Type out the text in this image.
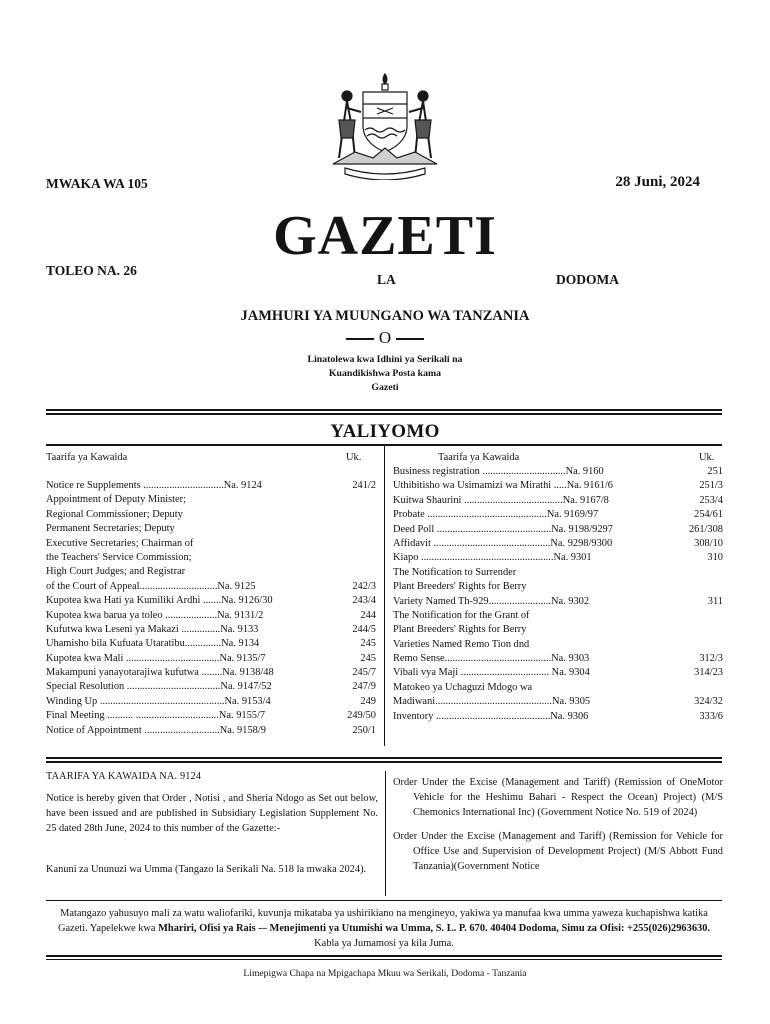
MWAKA WA 105	28 Juni, 2024
GAZETI
TOLEO NA. 26
LA	DODOMA
JAMHURI YA MUUNGANO WA TANZANIA
O
Linatolewa kwa Idhini ya Serikali na
Kuandikishwa Posta kama
Gazeti
YALIYOMO
Taarifa ya Kawaida	Uk.	Taarifa ya Kawaida	Uk.
Notice re Supplements ...............................Na. 9124	241/2
Appointment of Deputy Minister;
Regional Commissioner; Deputy
Permanent Secretaries; Deputy
Executive Secretaries; Chairman of
the Teachers' Service Commission;
High Court Judges; and Registrar
of the Court of Appeal..............................Na. 9125	242/3
Kupotea kwa Hati ya Kumiliki Ardhi .......Na. 9126/30	243/4
Kupotea kwa barua ya toleo ....................Na. 9131/2	244
Kufutwa kwa Leseni ya Makazi ...............Na. 9133	244/5
Uhamisho bila Kufuata Utaratibu..............Na. 9134	245
Kupotea kwa Mali ....................................Na. 9135/7	245
Makampuni yanayotarajiwa kufutwa ........Na. 9138/48	245/7
Special Resolution ....................................Na. 9147/52	247/9
Winding Up ................................................Na. 9153/4	249
Final Meeting .......... ................................Na. 9155/7	249/50
Notice of Appointment .............................Na. 9158/9	250/1
Business registration ................................Na. 9160	251
Uthibitisho wa Usimamizi wa Mirathi .....Na. 9161/6	251/3
Kuitwa Shaurini ......................................Na. 9167/8	253/4
Probate ..............................................Na. 9169/97	254/61
Deed Poll ............................................Na. 9198/9297	261/308
Affidavit .............................................Na. 9298/9300	308/10
Kiapo ...................................................Na. 9301	310
The Notification to Surrender
Plant Breeders' Rights for Berry
Variety Named Th-929........................Na. 9302	311
The Notification for the Grant of
Plant Breeders' Rights for Berry
Varieties Named Remo Tion dnd
Remo Sense.........................................Na. 9303	312/3
Vibali vya Maji .................................. Na. 9304	314/23
Matokeo ya Uchaguzi Mdogo wa
Madiwani.............................................Na. 9305	324/32
Inventory ............................................Na. 9306	333/6
TAARIFA YA KAWAIDA NA. 9124
Notice is hereby given that Order , Notisi , and Sheria Ndogo as Set out below, have been issued and are published in Subsidiary Legislation Supplement No. 25 dated 28th June, 2024 to this number of the Gazette:-
Kanuni za Ununuzi wa Umma (Tangazo la Serikali Na. 518 la mwaka 2024).
Order Under the Excise (Management and Tariff) (Remission of OneMotor Vehicle for the Heshimu Bahari - Respect the Ocean) Project) (M/S Chemonics International Inc) (Government Notice No. 519 of 2024)
Order Under the Excise (Management and Tariff) (Remission for Vehicle for Office Use and Supervision of Development Project) (M/S Abbott Fund Tanzania)(Government Notice
Matangazo yahusuyo mali za watu waliofariki, kuvunja mikataba ya ushirikiano na mengineyo, yakiwa ya manufaa kwa umma yaweza kuchapishwa katika Gazeti. Yapelekwe kwa Mhariri, Ofisi ya Rais -– Menejimenti ya Utumishi wa Umma, S. L. P. 670. 40404 Dodoma, Simu za Ofisi: +255(026)2963630. Kabla ya Jumamosi ya kila Juma.
Limepigwa Chapa na Mpigachapa Mkuu wa Serikali, Dodoma - Tanzania
